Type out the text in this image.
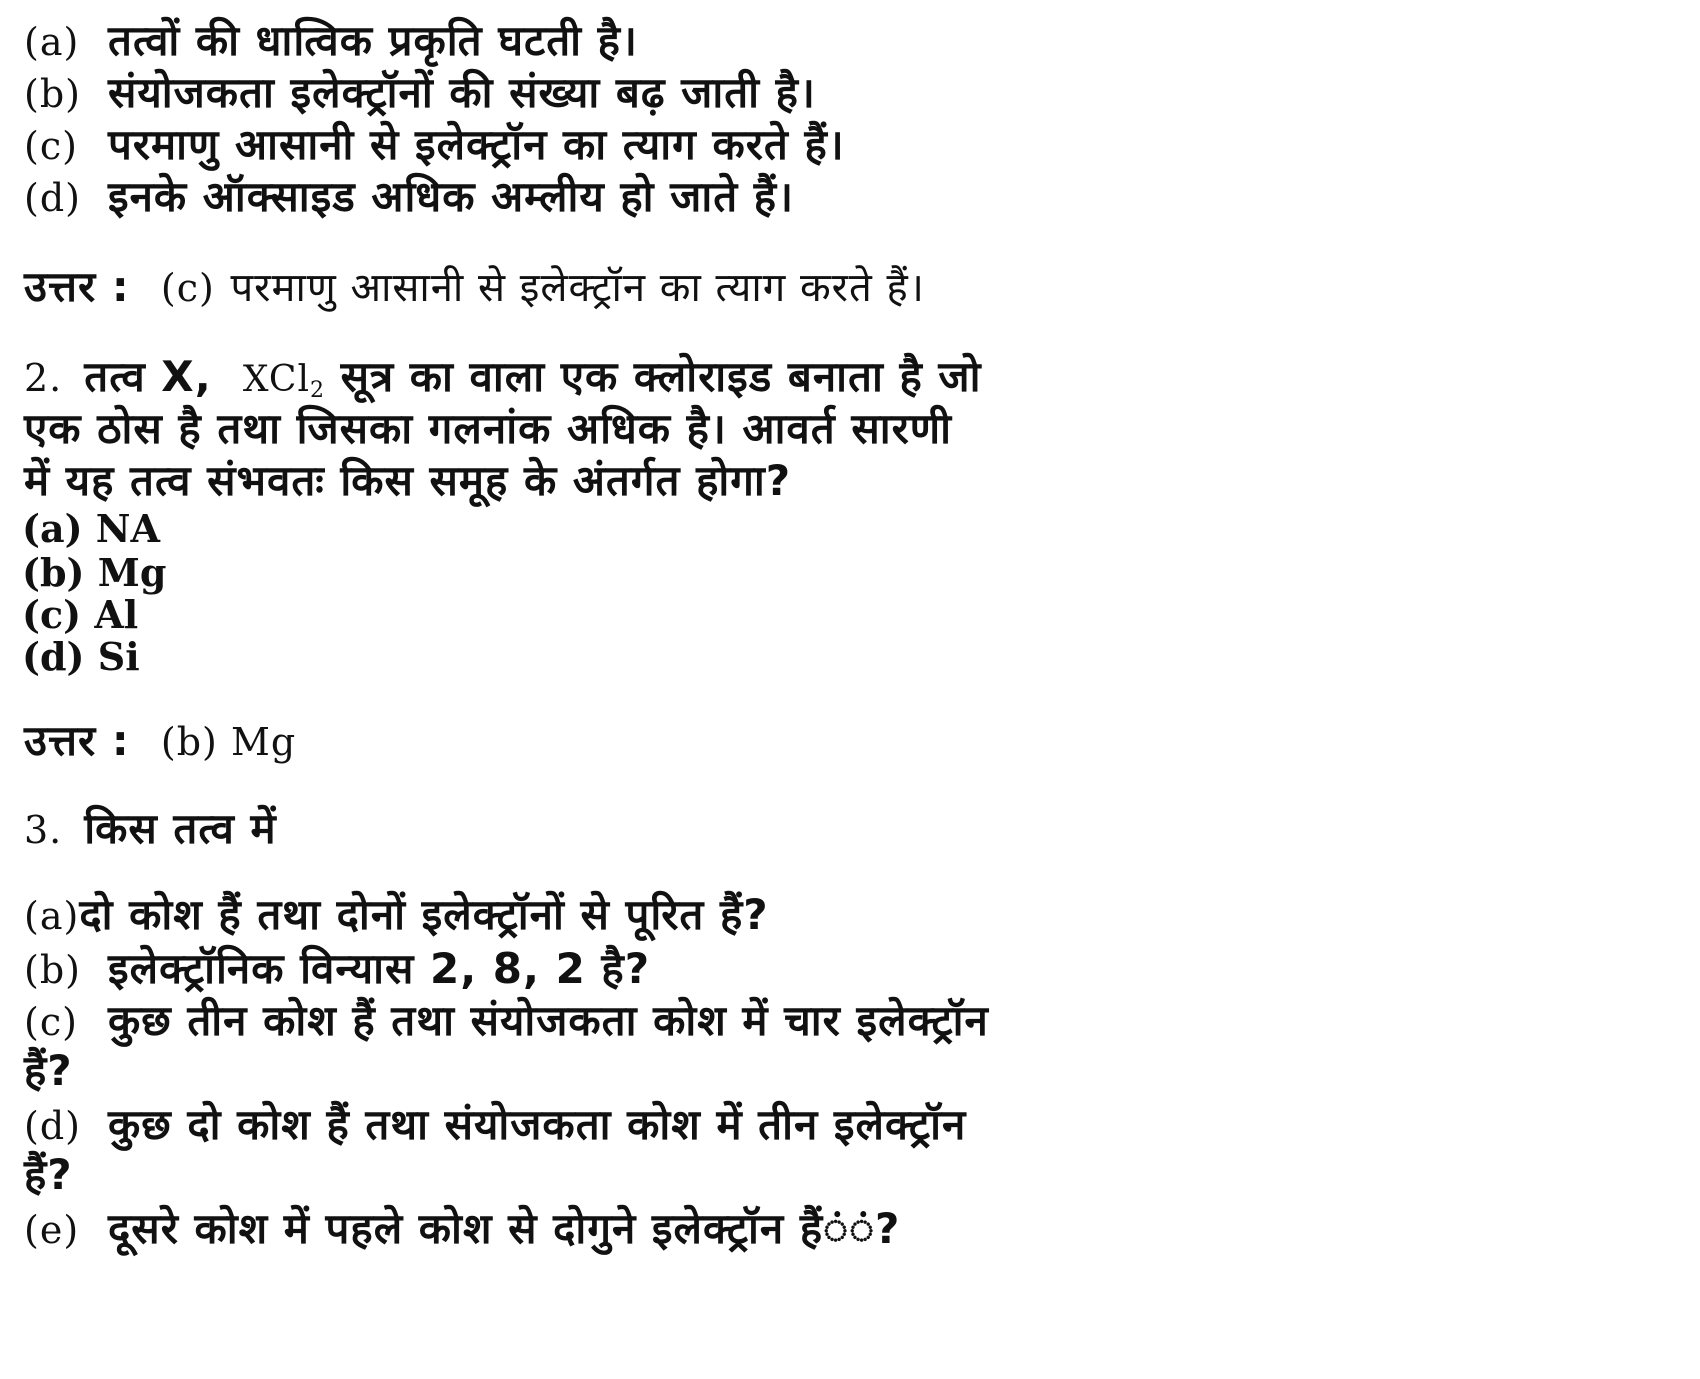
(a) तत्वों की धात्विक प्रकृति घटती है।
(b) संयोजकता इलेक्ट्रॉनों की संख्या बढ़ जाती है।
(c) परमाणु आसानी से इलेक्ट्रॉन का त्याग करते हैं।
(d) इनके ऑक्साइड अधिक अम्लीय हो जाते हैं।
उत्तर : (c) परमाणु आसानी से इलेक्ट्रॉन का त्याग करते हैं।
2. तत्व X, XCl$_2$ सूत्र का वाला एक क्लोराइड बनाता है जो
एक ठोस है तथा जिसका गलनांक अधिक है। आवर्त सारणी
में यह तत्व संभवतः किस समूह के अंतर्गत होगा?
(a) NA
(b) Mg
(c) Al
(d) Si
उत्तर : (b) Mg
3. किस तत्व में
(a)दो कोश हैं तथा दोनों इलेक्ट्रॉनों से पूरित हैं?
(b) इलेक्ट्रॉनिक विन्यास 2, 8, 2 है?
(c) कुछ तीन कोश हैं तथा संयोजकता कोश में चार इलेक्ट्रॉन
हैं?
(d) कुछ दो कोश हैं तथा संयोजकता कोश में तीन इलेक्ट्रॉन
हैं?
(e) दूसरे कोश में पहले कोश से दोगुने इलेक्ट्रॉन हैं◌ं◌ं?
